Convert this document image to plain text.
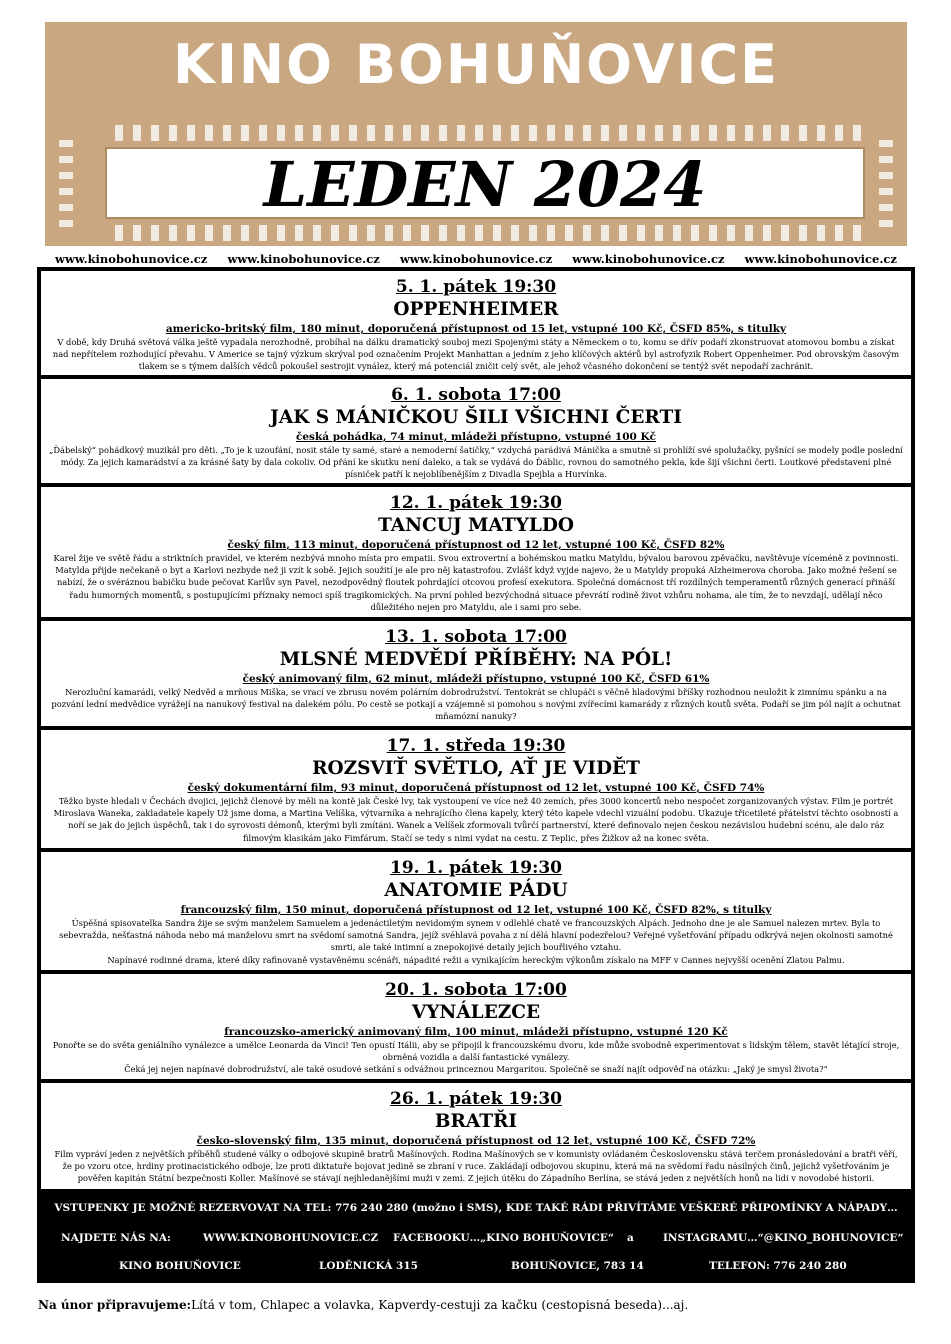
KINO BOHUŇOVICE
LEDEN 2024
www.kinobohunovice.cz www.kinobohunovice.cz www.kinobohunovice.cz www.kinobohunovice.cz www.kinobohunovice.cz
5. 1. pátek 19:30
OPPENHEIMER
americko-britský film, 180 minut, doporučená přístupnost od 15 let, vstupné 100 Kč, ČSFD 85%, s titulky
V době, kdy Druhá světová válka ještě vypadala nerozhodně, probíhal na dálku dramatický souboj mezi Spojenými státy a Německem o to, komu se dřív podaří zkonstruovat atomovou bombu a získat nad nepřítelem rozhodující převahu. V Americe se tajný výzkum skrýval pod označením Projekt Manhattan a jedním z jeho klíčových aktérů byl astrofyzik Robert Oppenheimer. Pod obrovským časovým tlakem se s týmem dalších vědců pokoušel sestrojit vynález, který má potenciál zničit celý svět, ale jehož včasného dokončení se tentýž svět nepodaří zachránit.
6. 1. sobota 17:00
JAK S MÁNIČKOU ŠILI VŠICHNI ČERTI
česká pohádka, 74 minut, mládeži přístupno, vstupné 100 Kč
„Ďábelský“ pohádkový muzikál pro děti. „To je k uzoufání, nosit stále ty samé, staré a nemoderní šatičky,“ vzdychá parádivá Mánička a smutně si prohlíží své spolužačky, pyšnící se modely podle poslední módy. Za jejich kamarádství a za krásné šaty by dala cokoliv. Od přání ke skutku není daleko, a tak se vydává do Ďáblic, rovnou do samotného pekla, kde šijí všichni čerti. Loutkové představení plné písniček patří k nejoblíbenějším z Divadla Spejbla a Hurvínka.
12. 1. pátek 19:30
TANCUJ MATYLDO
český film, 113 minut, doporučená přístupnost od 12 let, vstupné 100 Kč, ČSFD 82%
Karel žije ve světě řádu a striktních pravidel, ve kterém nezbývá mnoho místa pro empatii. Svou extrovertní a bohémskou matku Matyldu, bývalou barovou zpěvačku, navštěvuje víceméně z povinnosti. Matylda přijde nečekaně o byt a Karlovi nezbyde než ji vzít k sobě. Jejich soužití je ale pro něj katastrofou. Zvlášť když vyjde najevo, že u Matyldy propuká Alzheimerova choroba. Jako možné řešení se nabízí, že o svéráznou babičku bude pečovat Karlův syn Pavel, nezodpovědný floutek pohrdající otcovou profesí exekutora. Společná domácnost tří rozdílných temperamentů různých generací přináší řadu humorných momentů, s postupujícími příznaky nemoci spíš tragikomických. Na první pohled bezvýchodná situace převrátí rodině život vzhůru nohama, ale tím, že to nevzdají, udělají něco důležitého nejen pro Matyldu, ale i sami pro sebe.
13. 1. sobota 17:00
MLSNÉ MEDVĚDÍ PŘÍBĚHY: NA PÓL!
český animovaný film, 62 minut, mládeži přístupno, vstupné 100 Kč, ČSFD 61%
Nerozluční kamarádi, velký Nedvěd a mrňous Miška, se vrací ve zbrusu novém polárním dobrodružství. Tentokrát se chlupáči s věčně hladovými bříšky rozhodnou neuložit k zimnímu spánku a na pozvání lední medvědice vyrážejí na nanukový festival na dalekém pólu. Po cestě se potkají a vzájemně si pomohou s novými zvířecími kamarády z různých koutů světa. Podaří se jim pól najít a ochutnat mňamózní nanuky?
17. 1. středa 19:30
ROZSVIŤ SVĚTLO, AŤ JE VIDĚT
český dokumentární film, 93 minut, doporučená přístupnost od 12 let, vstupné 100 Kč, ČSFD 74%
Těžko byste hledali v Čechách dvojici, jejichž členové by měli na kontě jak České lvy, tak vystoupení ve více než 40 zemích, přes 3000 koncertů nebo nespočet zorganizovaných výstav. Film je portrét Miroslava Waneka, zakladatele kapely Už jsme doma, a Martina Velíška, výtvarníka a nehrajícího člena kapely, který této kapele vdechl vizuální podobu. Ukazuje třicetileté přátelství těchto osobností a noří se jak do jejich úspěchů, tak i do syrovosti démonů, kterými byli zmítáni. Wanek a Velíšek zformovali tvůrčí partnerství, které definovalo nejen českou nezávislou hudební scénu, ale dalo ráz filmovým klasikám jako Fimfárum. Stačí se tedy s nimi vydat na cestu. Z Teplic, přes Žižkov až na konec světa.
19. 1. pátek 19:30
ANATOMIE PÁDU
francouzský film, 150 minut, doporučená přístupnost od 12 let, vstupné 100 Kč, ČSFD 82%, s titulky
Úspěšná spisovatelka Sandra žije se svým manželem Samuelem a jedenáctiletým nevidomým synem v odlehlé chatě ve francouzských Alpách. Jednoho dne je ale Samuel nalezen mrtev. Byla to sebevražda, nešťastná náhoda nebo má manželovu smrt na svědomí samotná Sandra, jejíž svéhlavá povaha z ní dělá hlavní podezřelou? Veřejné vyšetřování případu odkrývá nejen okolnosti samotné smrti, ale také intimní a znepokojivé detaily jejich bouřlivého vztahu.
Napínavé rodinné drama, které díky rafinovaně vystavěnému scénáři, nápadité režii a vynikajícím hereckým výkonům získalo na MFF v Cannes nejvyšší ocenění Zlatou Palmu.
20. 1. sobota 17:00
VYNÁLEZCE
francouzsko-americký animovaný film, 100 minut, mládeži přístupno, vstupné 120 Kč
Ponořte se do světa geniálního vynálezce a umělce Leonarda da Vinci! Ten opustí Itálii, aby se připojil k francouzskému dvoru, kde může svobodně experimentovat s lidským tělem, stavět létající stroje, obrněná vozidla a další fantastické vynálezy.
Čeká jej nejen napínavé dobrodružství, ale také osudové setkání s odvážnou princeznou Margaritou. Společně se snaží najít odpověď na otázku: „Jaký je smysl života?“
26. 1. pátek 19:30
BRATŘI
česko-slovenský film, 135 minut, doporučená přístupnost od 12 let, vstupné 100 Kč, ČSFD 72%
Film vypráví jeden z největších příběhů studené války o odbojové skupině bratrů Mašínových. Rodina Mašínových se v komunisty ovládaném Československu stává terčem pronásledování a bratři věří, že po vzoru otce, hrdiny protinacistického odboje, lze proti diktatuře bojovat jedině se zbraní v ruce. Zakládají odbojovou skupinu, která má na svědomí řadu násilných činů, jejichž vyšetřováním je pověřen kapitán Státní bezpečnosti Koller. Mašínové se stávají nejhledanějšími muži v zemi. Z jejich útěku do Západního Berlína, se stává jeden z největších honů na lidi v novodobé historii.
VSTUPENKY JE MOŽNÉ REZERVOVAT NA TEL: 776 240 280 (možno i SMS), KDE TAKÉ RÁDI PŘIVÍTÁME VEŠKERÉ PŘIPOMÍNKY A NÁPADY…
NAJDETE NÁS NA:	WWW.KINOBOHUNOVICE.CZ FACEBOOKU…„KINO BOHUŇOVICE“ a	INSTAGRAMU…“@KINO_BOHUNOVICE“
KINO BOHUŇOVICE	LODĚNICKÁ 315	BOHUŇOVICE, 783 14	TELEFON: 776 240 280
Na únor připravujeme:Lítá v tom, Chlapec a volavka, Kapverdy-cestuji za kačku (cestopisná beseda)...aj.
